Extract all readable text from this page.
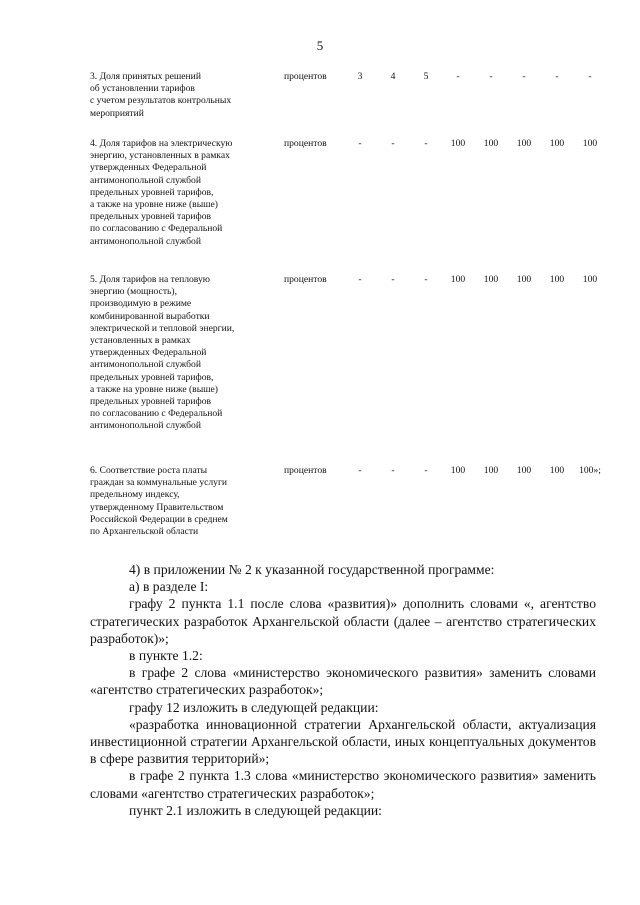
5
3. Доля принятых решений
об установлении тарифов
с учетом результатов контрольных
мероприятий
процентов	3	4	5	-	-	-	-	-
4. Доля тарифов на электрическую
энергию, установленных в рамках
утвержденных Федеральной
антимонопольной службой
предельных уровней тарифов,
а также на уровне ниже (выше)
предельных уровней тарифов
по согласованию с Федеральной
антимонопольной службой
процентов	-	-	-	100	100	100	100	100
5. Доля тарифов на тепловую
энергию (мощность),
производимую в режиме
комбинированной выработки
электрической и тепловой энергии,
установленных в рамках
утвержденных Федеральной
антимонопольной службой
предельных уровней тарифов,
а также на уровне ниже (выше)
предельных уровней тарифов
по согласованию с Федеральной
антимонопольной службой
процентов	-	-	-	100	100	100	100	100
6. Соответствие роста платы
граждан за коммунальные услуги
предельному индексу,
утвержденному Правительством
Российской Федерации в среднем
по Архангельской области
процентов	-	-	-	100	100	100	100	100»;

4) в приложении № 2 к указанной государственной программе:

а) в разделе I:

графу 2 пункта 1.1 после слова «развития)» дополнить словами «, агентство стратегических разработок Архангельской области (далее – агентство стратегических разработок)»;

в пункте 1.2:

в графе 2 слова «министерство экономического развития» заменить словами «агентство стратегических разработок»;

графу 12 изложить в следующей редакции:

«разработка инновационной стратегии Архангельской области, актуализация инвестиционной стратегии Архангельской области, иных концептуальных документов в сфере развития территорий»;

в графе 2 пункта 1.3 слова «министерство экономического развития» заменить словами «агентство стратегических разработок»;

пункт 2.1 изложить в следующей редакции:
